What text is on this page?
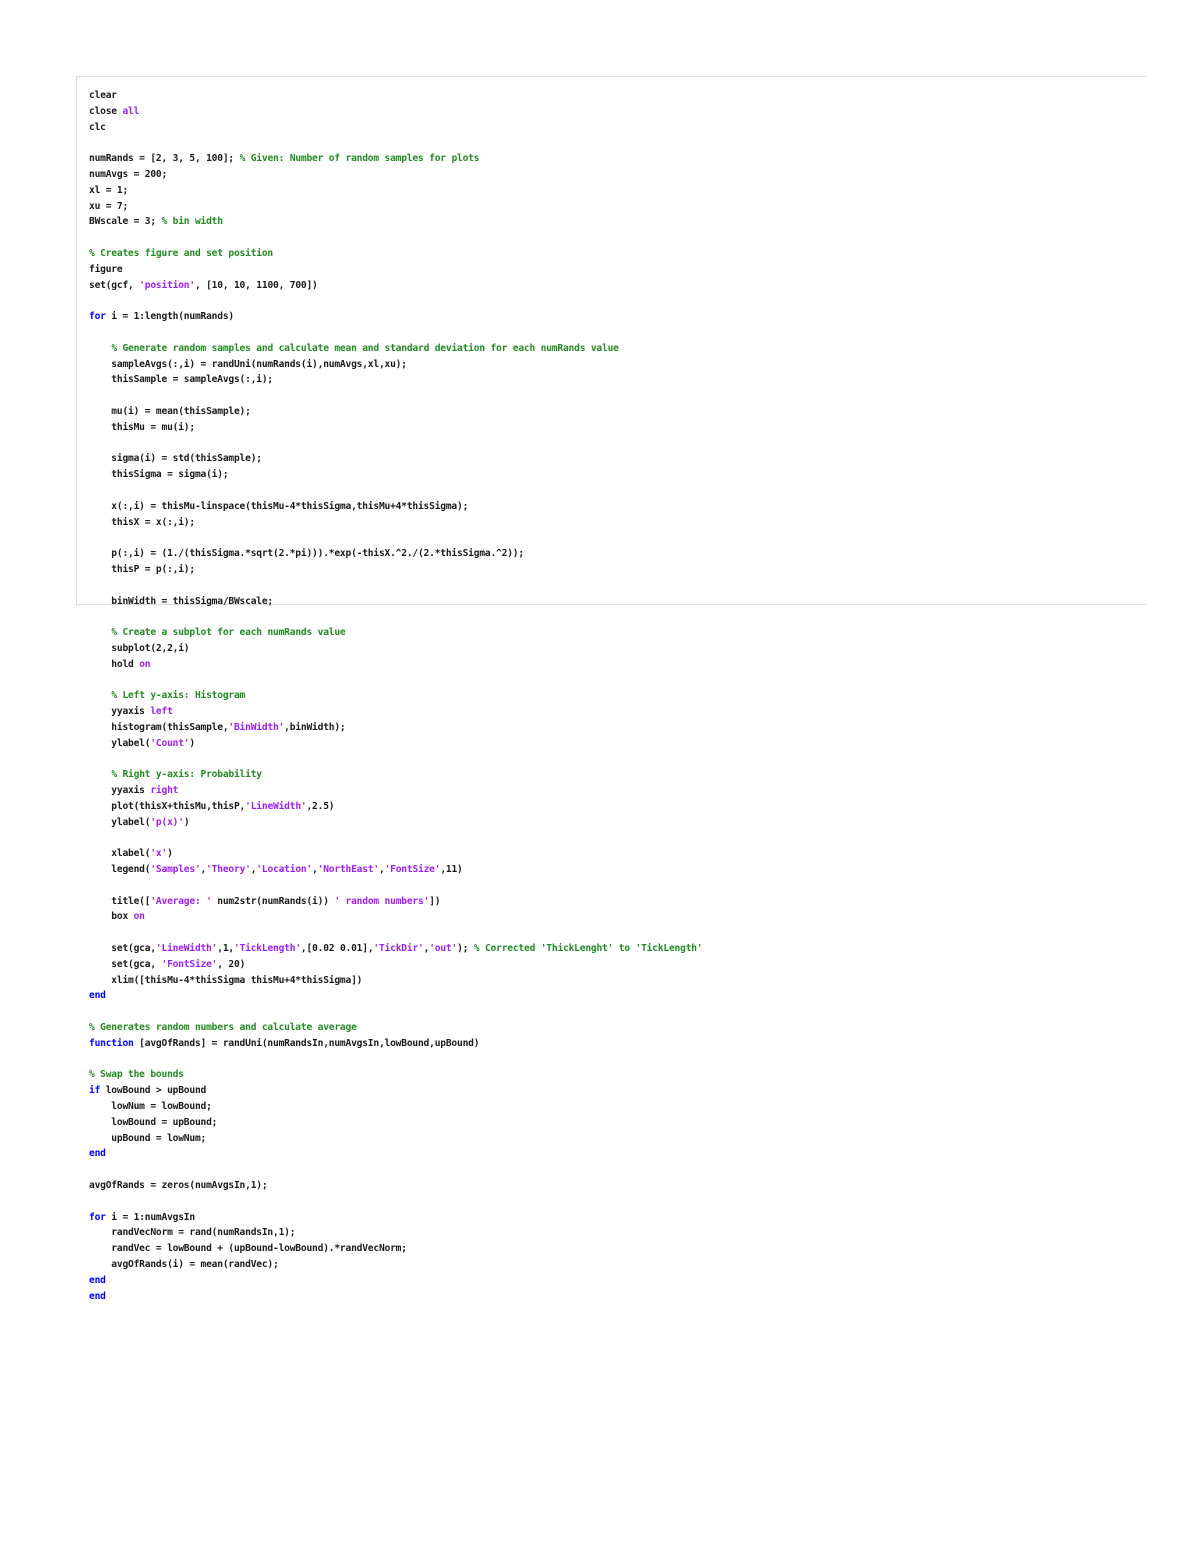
clear
close all
clc

numRands = [2, 3, 5, 100]; % Given: Number of random samples for plots
numAvgs = 200;
xl = 1;
xu = 7;
BWscale = 3; % bin width

% Creates figure and set position
figure
set(gcf, 'position', [10, 10, 1100, 700])

for i = 1:length(numRands)

% Generate random samples and calculate mean and standard deviation for each numRands value
sampleAvgs(:,i) = randUni(numRands(i),numAvgs,xl,xu);
thisSample = sampleAvgs(:,i);

mu(i) = mean(thisSample);
thisMu = mu(i);

sigma(i) = std(thisSample);
thisSigma = sigma(i);

x(:,i) = thisMu-linspace(thisMu-4*thisSigma,thisMu+4*thisSigma);
thisX = x(:,i);

p(:,i) = (1./(thisSigma.*sqrt(2.*pi))).*exp(-thisX.^2./(2.*thisSigma.^2));
thisP = p(:,i);

binWidth = thisSigma/BWscale;

% Create a subplot for each numRands value
subplot(2,2,i)
hold on

% Left y-axis: Histogram
yyaxis left
histogram(thisSample,'BinWidth',binWidth);
ylabel('Count')

% Right y-axis: Probability
yyaxis right
plot(thisX+thisMu,thisP,'LineWidth',2.5)
ylabel('p(x)')

xlabel('x')
legend('Samples','Theory','Location','NorthEast','FontSize',11)

title(['Average: ' num2str(numRands(i)) ' random numbers'])
box on

set(gca,'LineWidth',1,'TickLength',[0.02 0.01],'TickDir','out'); % Corrected 'ThickLenght' to 'TickLength'
set(gca, 'FontSize', 20)
xlim([thisMu-4*thisSigma thisMu+4*thisSigma])
end

% Generates random numbers and calculate average
function [avgOfRands] = randUni(numRandsIn,numAvgsIn,lowBound,upBound)

% Swap the bounds
if lowBound > upBound
lowNum = lowBound;
lowBound = upBound;
upBound = lowNum;
end

avgOfRands = zeros(numAvgsIn,1);

for i = 1:numAvgsIn
randVecNorm = rand(numRandsIn,1);
randVec = lowBound + (upBound-lowBound).*randVecNorm;
avgOfRands(i) = mean(randVec);
end
end
